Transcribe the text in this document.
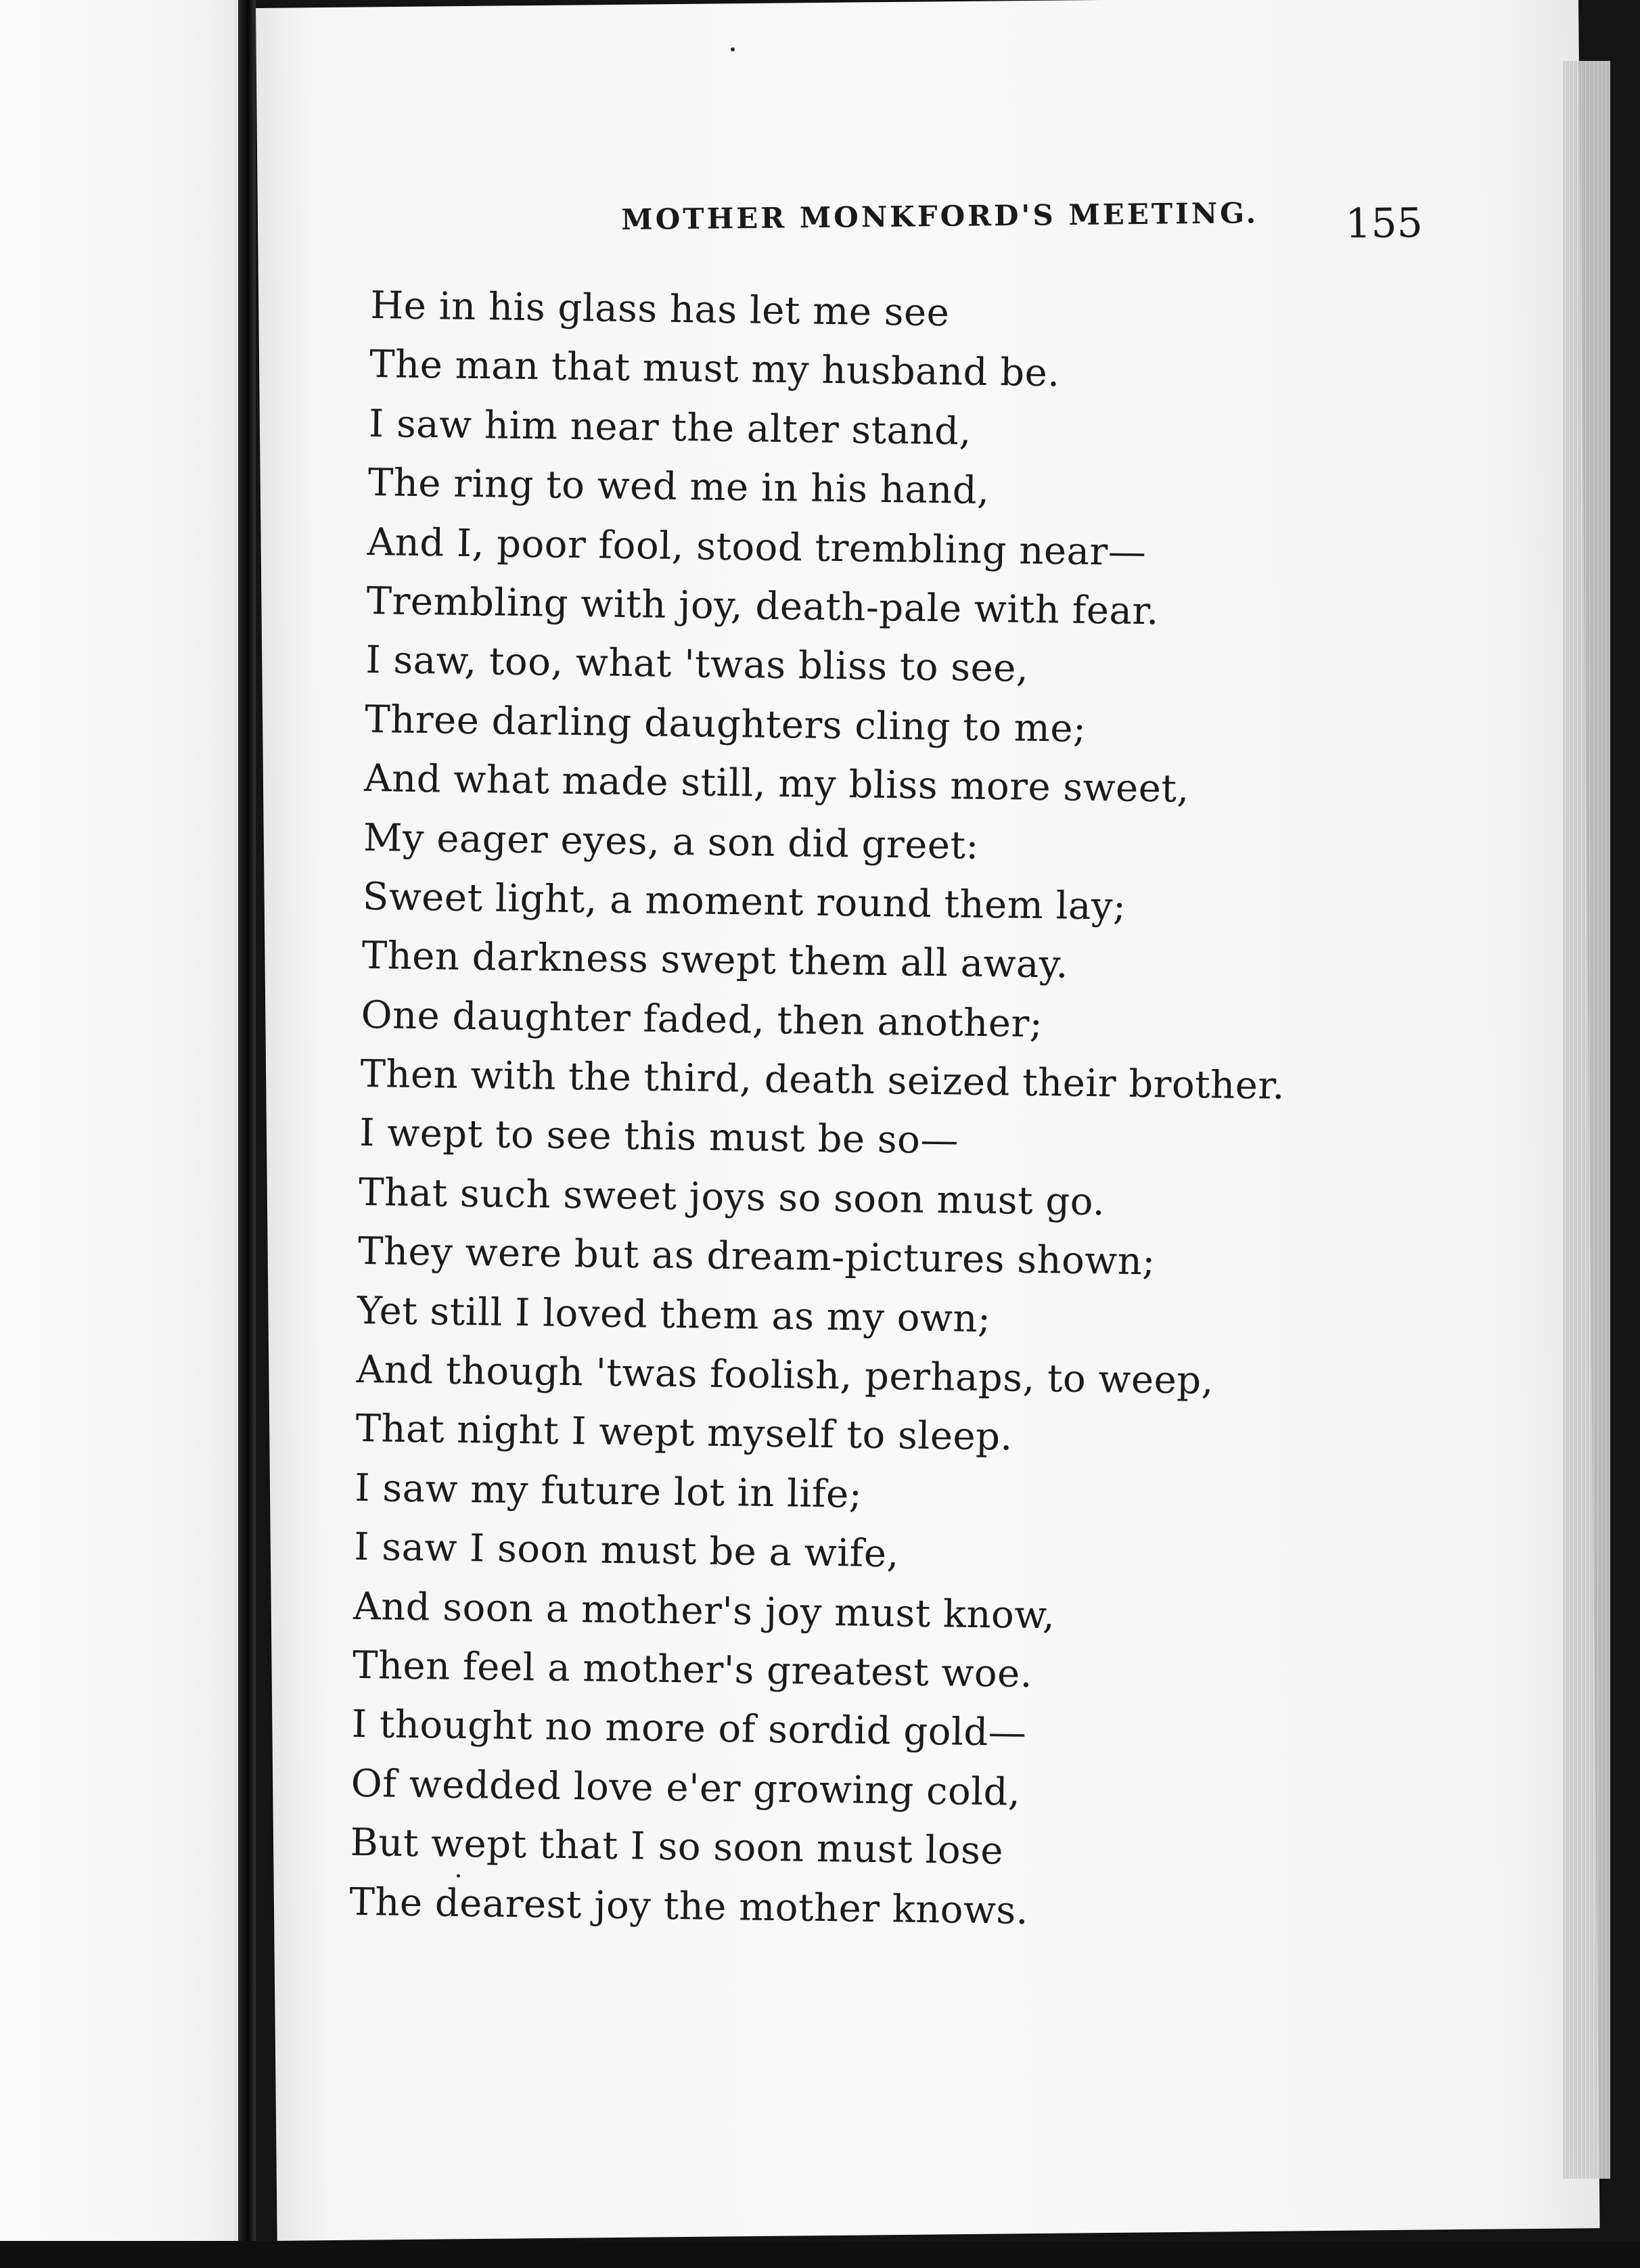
MOTHER MONKFORD'S MEETING.	155
He in his glass has let me see
The man that must my husband be.
I saw him near the alter stand,
The ring to wed me in his hand,
And I, poor fool, stood trembling near—
Trembling with joy, death-pale with fear.
I saw, too, what 'twas bliss to see,
Three darling daughters cling to me;
And what made still, my bliss more sweet,
My eager eyes, a son did greet:
Sweet light, a moment round them lay;
Then darkness swept them all away.
One daughter faded, then another;
Then with the third, death seized their brother.
I wept to see this must be so—
That such sweet joys so soon must go.
They were but as dream-pictures shown;
Yet still I loved them as my own;
And though 'twas foolish, perhaps, to weep,
That night I wept myself to sleep.
I saw my future lot in life;
I saw I soon must be a wife,
And soon a mother's joy must know,
Then feel a mother's greatest woe.
I thought no more of sordid gold—
Of wedded love e'er growing cold,
But wept that I so soon must lose
The dearest joy the mother knows.
